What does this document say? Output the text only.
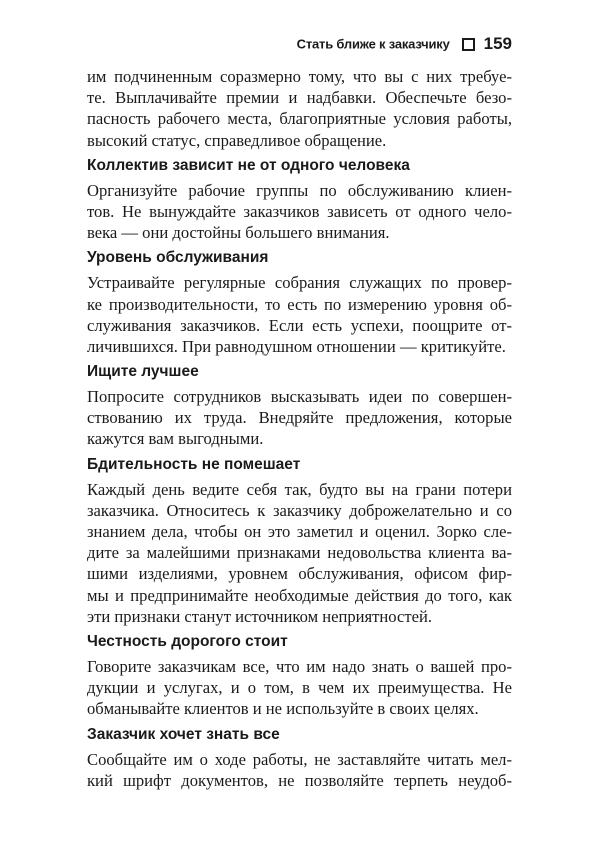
Стать ближе к заказчику 159
им подчиненным соразмерно тому, что вы с них требуе-
те. Выплачивайте премии и надбавки. Обеспечьте безо-
пасность рабочего места, благоприятные условия работы,
высокий статус, справедливое обращение.
Коллектив зависит не от одного человека
Организуйте рабочие группы по обслуживанию клиен-
тов. Не вынуждайте заказчиков зависеть от одного чело-
века — они достойны большего внимания.
Уровень обслуживания
Устраивайте регулярные собрания служащих по провер-
ке производительности, то есть по измерению уровня об-
служивания заказчиков. Если есть успехи, поощрите от-
личившихся. При равнодушном отношении — критикуйте.
Ищите лучшее
Попросите сотрудников высказывать идеи по совершен-
ствованию их труда. Внедряйте предложения, которые
кажутся вам выгодными.
Бдительность не помешает
Каждый день ведите себя так, будто вы на грани потери
заказчика. Относитесь к заказчику доброжелательно и со
знанием дела, чтобы он это заметил и оценил. Зорко сле-
дите за малейшими признаками недовольства клиента ва-
шими изделиями, уровнем обслуживания, офисом фир-
мы и предпринимайте необходимые действия до того, как
эти признаки станут источником неприятностей.
Честность дорогого стоит
Говорите заказчикам все, что им надо знать о вашей про-
дукции и услугах, и о том, в чем их преимущества. Не
обманывайте клиентов и не используйте в своих целях.
Заказчик хочет знать все
Сообщайте им о ходе работы, не заставляйте читать мел-
кий шрифт документов, не позволяйте терпеть неудоб-
